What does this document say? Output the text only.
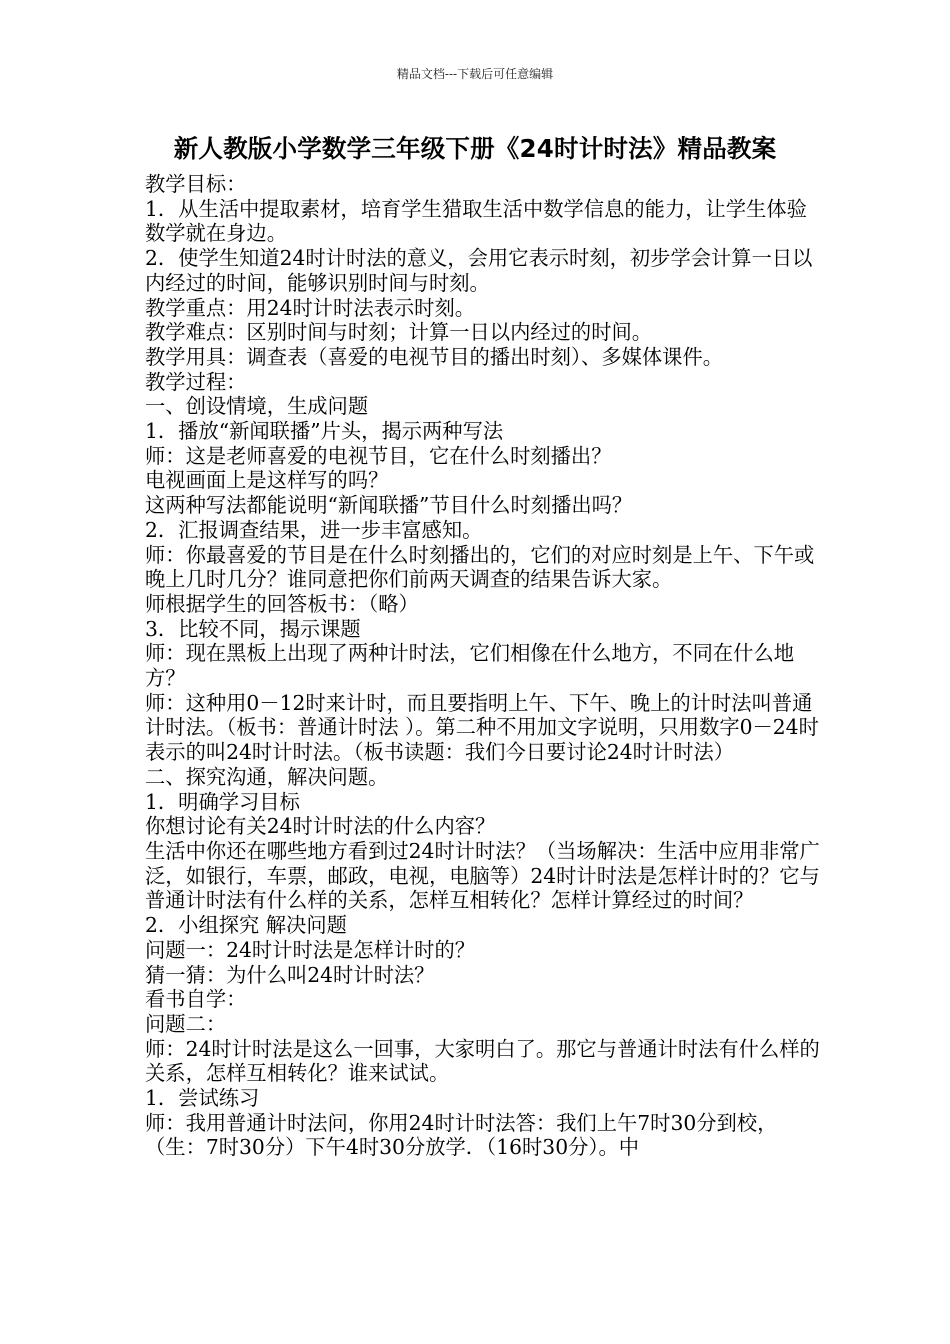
精品文档---下载后可任意编辑
新人教版小学数学三年级下册《24时计时法》精品教案

教学目标：

1．从生活中提取素材，培育学生猎取生活中数学信息的能力，让学生体验数学就在身边。

2．使学生知道24时计时法的意义，会用它表示时刻，初步学会计算一日以内经过的时间，能够识别时间与时刻。

教学重点：用24时计时法表示时刻。

教学难点：区别时间与时刻；计算一日以内经过的时间。

教学用具：调查表（喜爱的电视节目的播出时刻）、多媒体课件。

教学过程：

一、创设情境，生成问题

1．播放“新闻联播”片头，揭示两种写法

师：这是老师喜爱的电视节目，它在什么时刻播出？

电视画面上是这样写的吗？

这两种写法都能说明“新闻联播”节目什么时刻播出吗？

2．汇报调查结果，进一步丰富感知。

师：你最喜爱的节目是在什么时刻播出的，它们的对应时刻是上午、下午或晚上几时几分？谁同意把你们前两天调查的结果告诉大家。

师根据学生的回答板书：（略）

3．比较不同，揭示课题

师：现在黑板上出现了两种计时法，它们相像在什么地方，不同在什么地方？

师：这种用0－12时来计时，而且要指明上午、下午、晚上的计时法叫普通计时法。（板书：普通计时法 ）。第二种不用加文字说明，只用数字0－24时表示的叫24时计时法。（板书读题：我们今日要讨论24时计时法）

二、探究沟通，解决问题。

1．明确学习目标

你想讨论有关24时计时法的什么内容？

生活中你还在哪些地方看到过24时计时法？（当场解决：生活中应用非常广泛，如银行，车票，邮政，电视，电脑等）24时计时法是怎样计时的？它与普通计时法有什么样的关系，怎样互相转化？怎样计算经过的时间？

2．小组探究 解决问题

问题一：24时计时法是怎样计时的？

猜一猜：为什么叫24时计时法？

看书自学：

问题二：

师：24时计时法是这么一回事，大家明白了。那它与普通计时法有什么样的关系，怎样互相转化？谁来试试。

1．尝试练习

师：我用普通计时法问，你用24时计时法答：我们上午7时30分到校，（生：7时30分）下午4时30分放学．（16时30分）。中
